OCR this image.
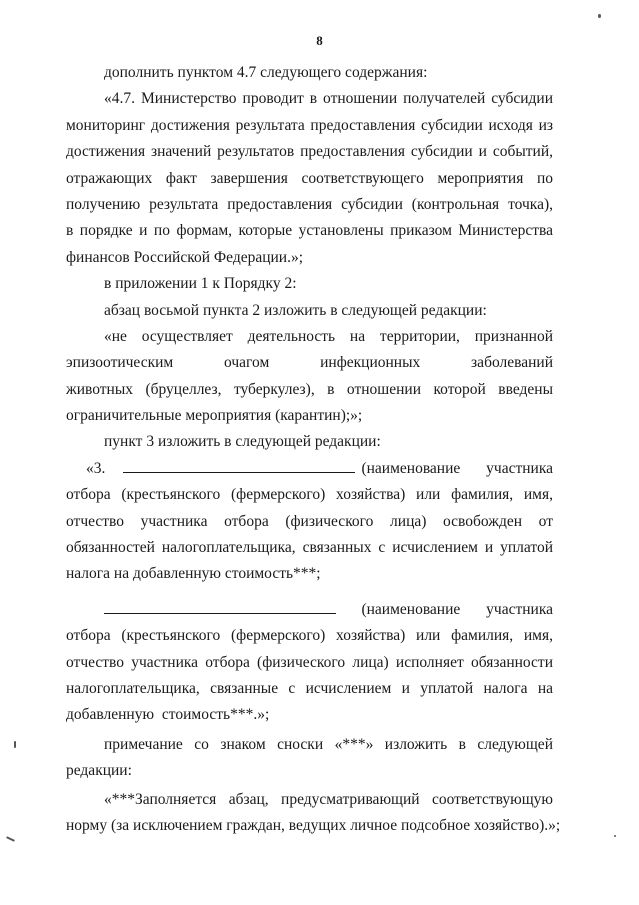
8
дополнить пунктом 4.7 следующего содержания:
«4.7. Министерство проводит в отношении получателей субсидии
мониторинг достижения результата предоставления субсидии исходя из
достижения значений результатов предоставления субсидии и событий,
отражающих факт завершения соответствующего мероприятия по
получению результата предоставления субсидии (контрольная точка),
в порядке и по формам, которые установлены приказом Министерства
финансов Российской Федерации.»;
в приложении 1 к Порядку 2:
абзац восьмой пункта 2 изложить в следующей редакции:
«не осуществляет деятельность на территории, признанной
эпизоотическим очагом инфекционных заболеваний
животных (бруцеллез, туберкулез), в отношении которой введены
ограничительные мероприятия (карантин);»;
пункт 3 изложить в следующей редакции:
«3.	(наименование участника
отбора (крестьянского (фермерского) хозяйства) или фамилия, имя,
отчество участника отбора (физического лица) освобожден от
обязанностей налогоплательщика, связанных с исчислением и уплатой
налога на добавленную стоимость***;
(наименование участника
отбора (крестьянского (фермерского) хозяйства) или фамилия, имя,
отчество участника отбора (физического лица) исполняет обязанности
налогоплательщика, связанные с исчислением и уплатой налога на
добавленную стоимость***.»;
примечание со знаком сноски «***» изложить в следующей
редакции:
«***Заполняется абзац, предусматривающий соответствующую
норму (за исключением граждан, ведущих личное подсобное хозяйство).»;
